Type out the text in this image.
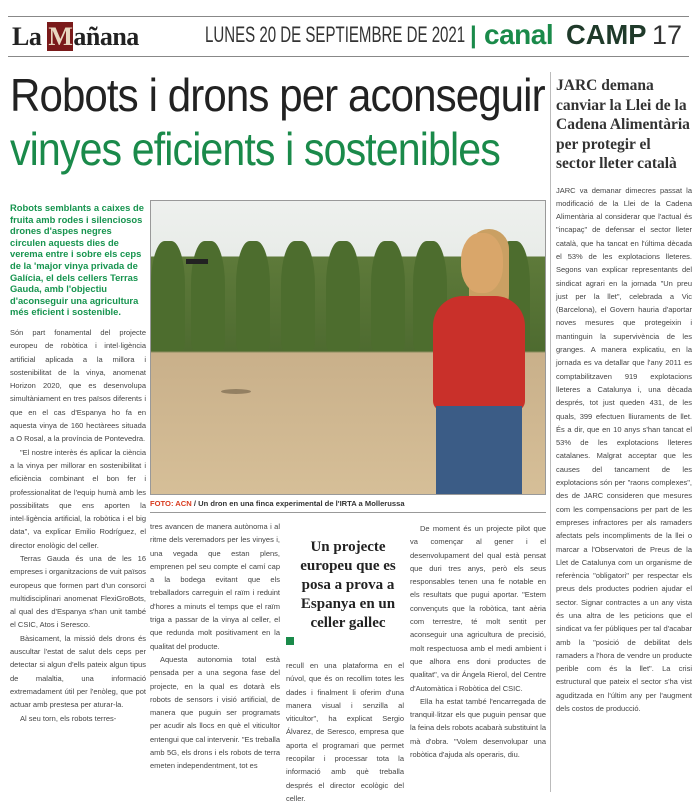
La Mañana	LUNES 20 DE SEPTIEMBRE DE 2021 | canal CAMP 17
Robots i drons per aconseguir
vinyes eficients i sostenibles
Robots semblants a caixes de fruita amb rodes i silenciosos drones d'aspes negres circulen aquests dies de verema entre i sobre els ceps de la 'major vinya privada de Galícia, el dels cellers Terras Gauda, amb l'objectiu d'aconseguir una agricultura més eficient i sostenible.

Són part fonamental del projecte europeu de robòtica i intel·ligència artificial aplicada a la millora i sostenibilitat de la vinya, anomenat Horizon 2020, que es desenvolupa simultàniament en tres països diferents i que en el cas d'Espanya ho fa en aquesta vinya de 160 hectàrees situada a O Rosal, a la província de Pontevedra.

"El nostre interès és aplicar la ciència a la vinya per millorar en sostenibilitat i eficiència combinant el bon fer i professionalitat de l'equip humà amb les possibilitats que ens aporten la intel·ligència artificial, la robòtica i el big data", va explicar Emilio Rodríguez, el director enològic del celler.

Terras Gauda és una de les 16 empreses i organitzacions de vuit països europeus que formen part d'un consorci multidisciplinari anomenat FlexiGroBots, al qual des d'Espanya s'han unit també el CSIC, Atos i Seresco.

Bàsicament, la missió dels drons és auscultar l'estat de salut dels ceps per detectar si algun d'ells pateix algun tipus de malaltia, una informació extremadament útil per l'enòleg, que pot actuar amb prestesa per aturar-la.

Al seu torn, els robots terres-

FOTO: ACN / Un dron en una finca experimental de l'IRTA a Mollerussa

tres avancen de manera autònoma i al ritme dels veremadors per les vinyes i, una vegada que estan plens, emprenen pel seu compte el camí cap a la bodega evitant que els treballadors carreguin el raïm i reduint d'hores a minuts el temps que el raïm triga a passar de la vinya al celler, el que redunda molt positivament en la qualitat del producte.

Aquesta autonomia total està pensada per a una segona fase del projecte, en la qual es dotarà els robots de sensors i visió artificial, de manera que puguin ser programats per acudir als llocs en què el viticultor entengui que cal intervenir. "Es treballa amb 5G, els drons i els robots de terra emeten independentment, tot es

Un projecte europeu que es posa a prova a Espanya en un celler gallec

recull en una plataforma en el núvol, que és on recollim totes les dades i finalment li oferim d'una manera visual i senzilla al viticultor", ha explicat Sergio Álvarez, de Seresco, empresa que aporta el programari que permet recopilar i processar tota la informació amb què treballa després el director ecològic del celler.

De moment és un projecte pilot que va començar al gener i el desenvolupament del qual està pensat que duri tres anys, però els seus responsables tenen una fe notable en els resultats que pugui aportar. "Estem convençuts que la robòtica, tant aèria com terrestre, té molt sentit per aconseguir una agricultura de precisió, molt respectuosa amb el medi ambient i que alhora ens doni productes de qualitat", va dir Ángela Rierol, del Centre d'Automàtica i Robòtica del CSIC.

Ella ha estat també l'encarregada de tranquil·litzar els que puguin pensar que la feina dels robots acabarà substituint la mà d'obra. "Volem desenvolupar una robòtica d'ajuda als operaris, diu.

JARC demana canviar la Llei de la Cadena Alimentària per protegir el sector lleter català

JARC va demanar dimecres passat la modificació de la Llei de la Cadena Alimentària al considerar que l'actual és "incapaç" de defensar el sector lleter català, que ha tancat en l'última dècada el 53% de les explotacions lleteres. Segons van explicar representants del sindicat agrari en la jornada "Un preu just per la llet", celebrada a Vic (Barcelona), el Govern hauria d'aportar noves mesures que protegeixin i mantinguin la supervivència de les granges. A manera explicatiu, en la jornada es va detallar que l'any 2011 es comptabilitzaven 919 explotacions lleteres a Catalunya i, una dècada després, tot just queden 431, de les quals, 399 efectuen lliuraments de llet. És a dir, que en 10 anys s'han tancat el 53% de les explotacions lleteres catalanes. Malgrat acceptar que les causes del tancament de les explotacions són per "raons complexes", des de JARC consideren que mesures com les compensacions per part de les empreses infractores per als ramaders afectats pels incompliments de la llei o marcar a l'Observatori de Preus de la Llet de Catalunya com un organisme de referència "obligatori" per respectar els preus dels productes podrien ajudar el sector. Signar contractes a un any vista és una altra de les peticions que el sindicat va fer públiques per tal d'acabar amb la "posició de debilitat dels ramaders a l'hora de vendre un producte perible com és la llet". La crisi estructural que pateix el sector s'ha vist aguditzada en l'últim any per l'augment dels costos de producció.
